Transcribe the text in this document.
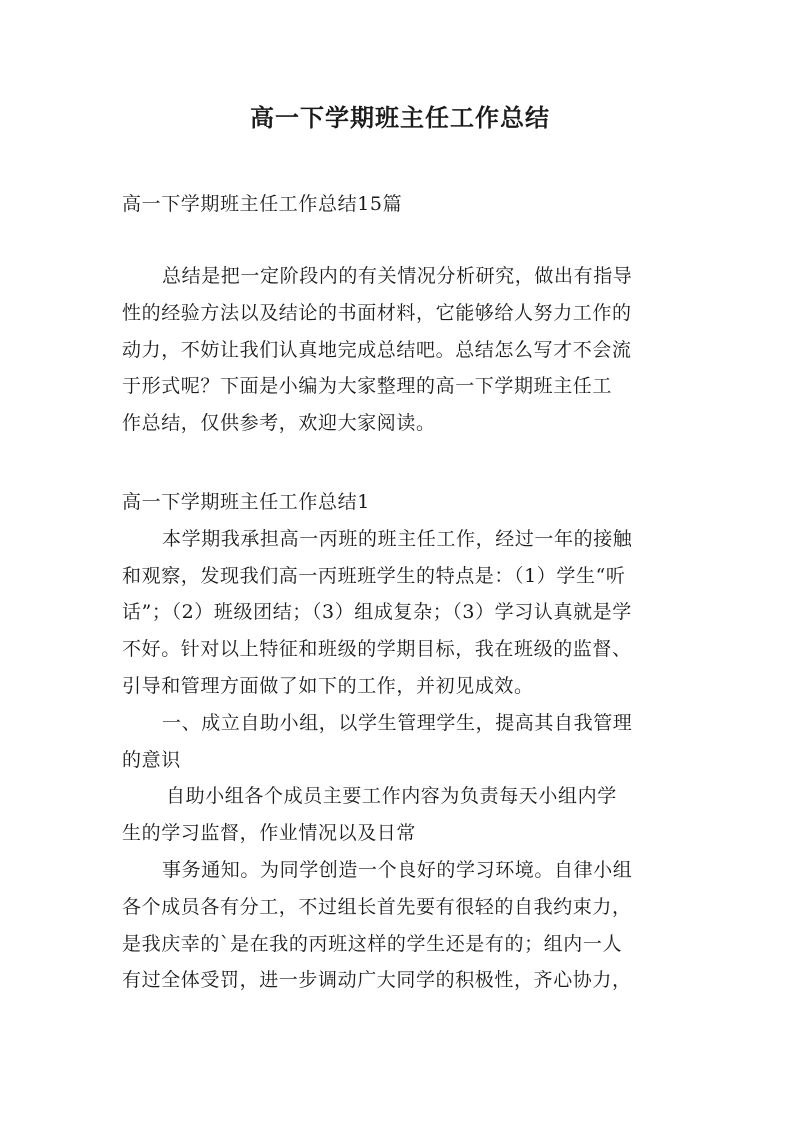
高一下学期班主任工作总结
高一下学期班主任工作总结15篇
总结是把一定阶段内的有关情况分析研究，做出有指导
性的经验方法以及结论的书面材料，它能够给人努力工作的
动力，不妨让我们认真地完成总结吧。总结怎么写才不会流
于形式呢？下面是小编为大家整理的高一下学期班主任工
作总结，仅供参考，欢迎大家阅读。
高一下学期班主任工作总结1
本学期我承担高一丙班的班主任工作，经过一年的接触
和观察，发现我们高一丙班班学生的特点是：（1）学生“听
话”；（2）班级团结；（3）组成复杂；（3）学习认真就是学
不好。针对以上特征和班级的学期目标，我在班级的监督、
引导和管理方面做了如下的工作，并初见成效。
一、成立自助小组，以学生管理学生，提高其自我管理
的意识
自助小组各个成员主要工作内容为负责每天小组内学
生的学习监督，作业情况以及日常
事务通知。为同学创造一个良好的学习环境。自律小组
各个成员各有分工，不过组长首先要有很轻的自我约束力，
是我庆幸的`是在我的丙班这样的学生还是有的；组内一人
有过全体受罚，进一步调动广大同学的积极性，齐心协力，
